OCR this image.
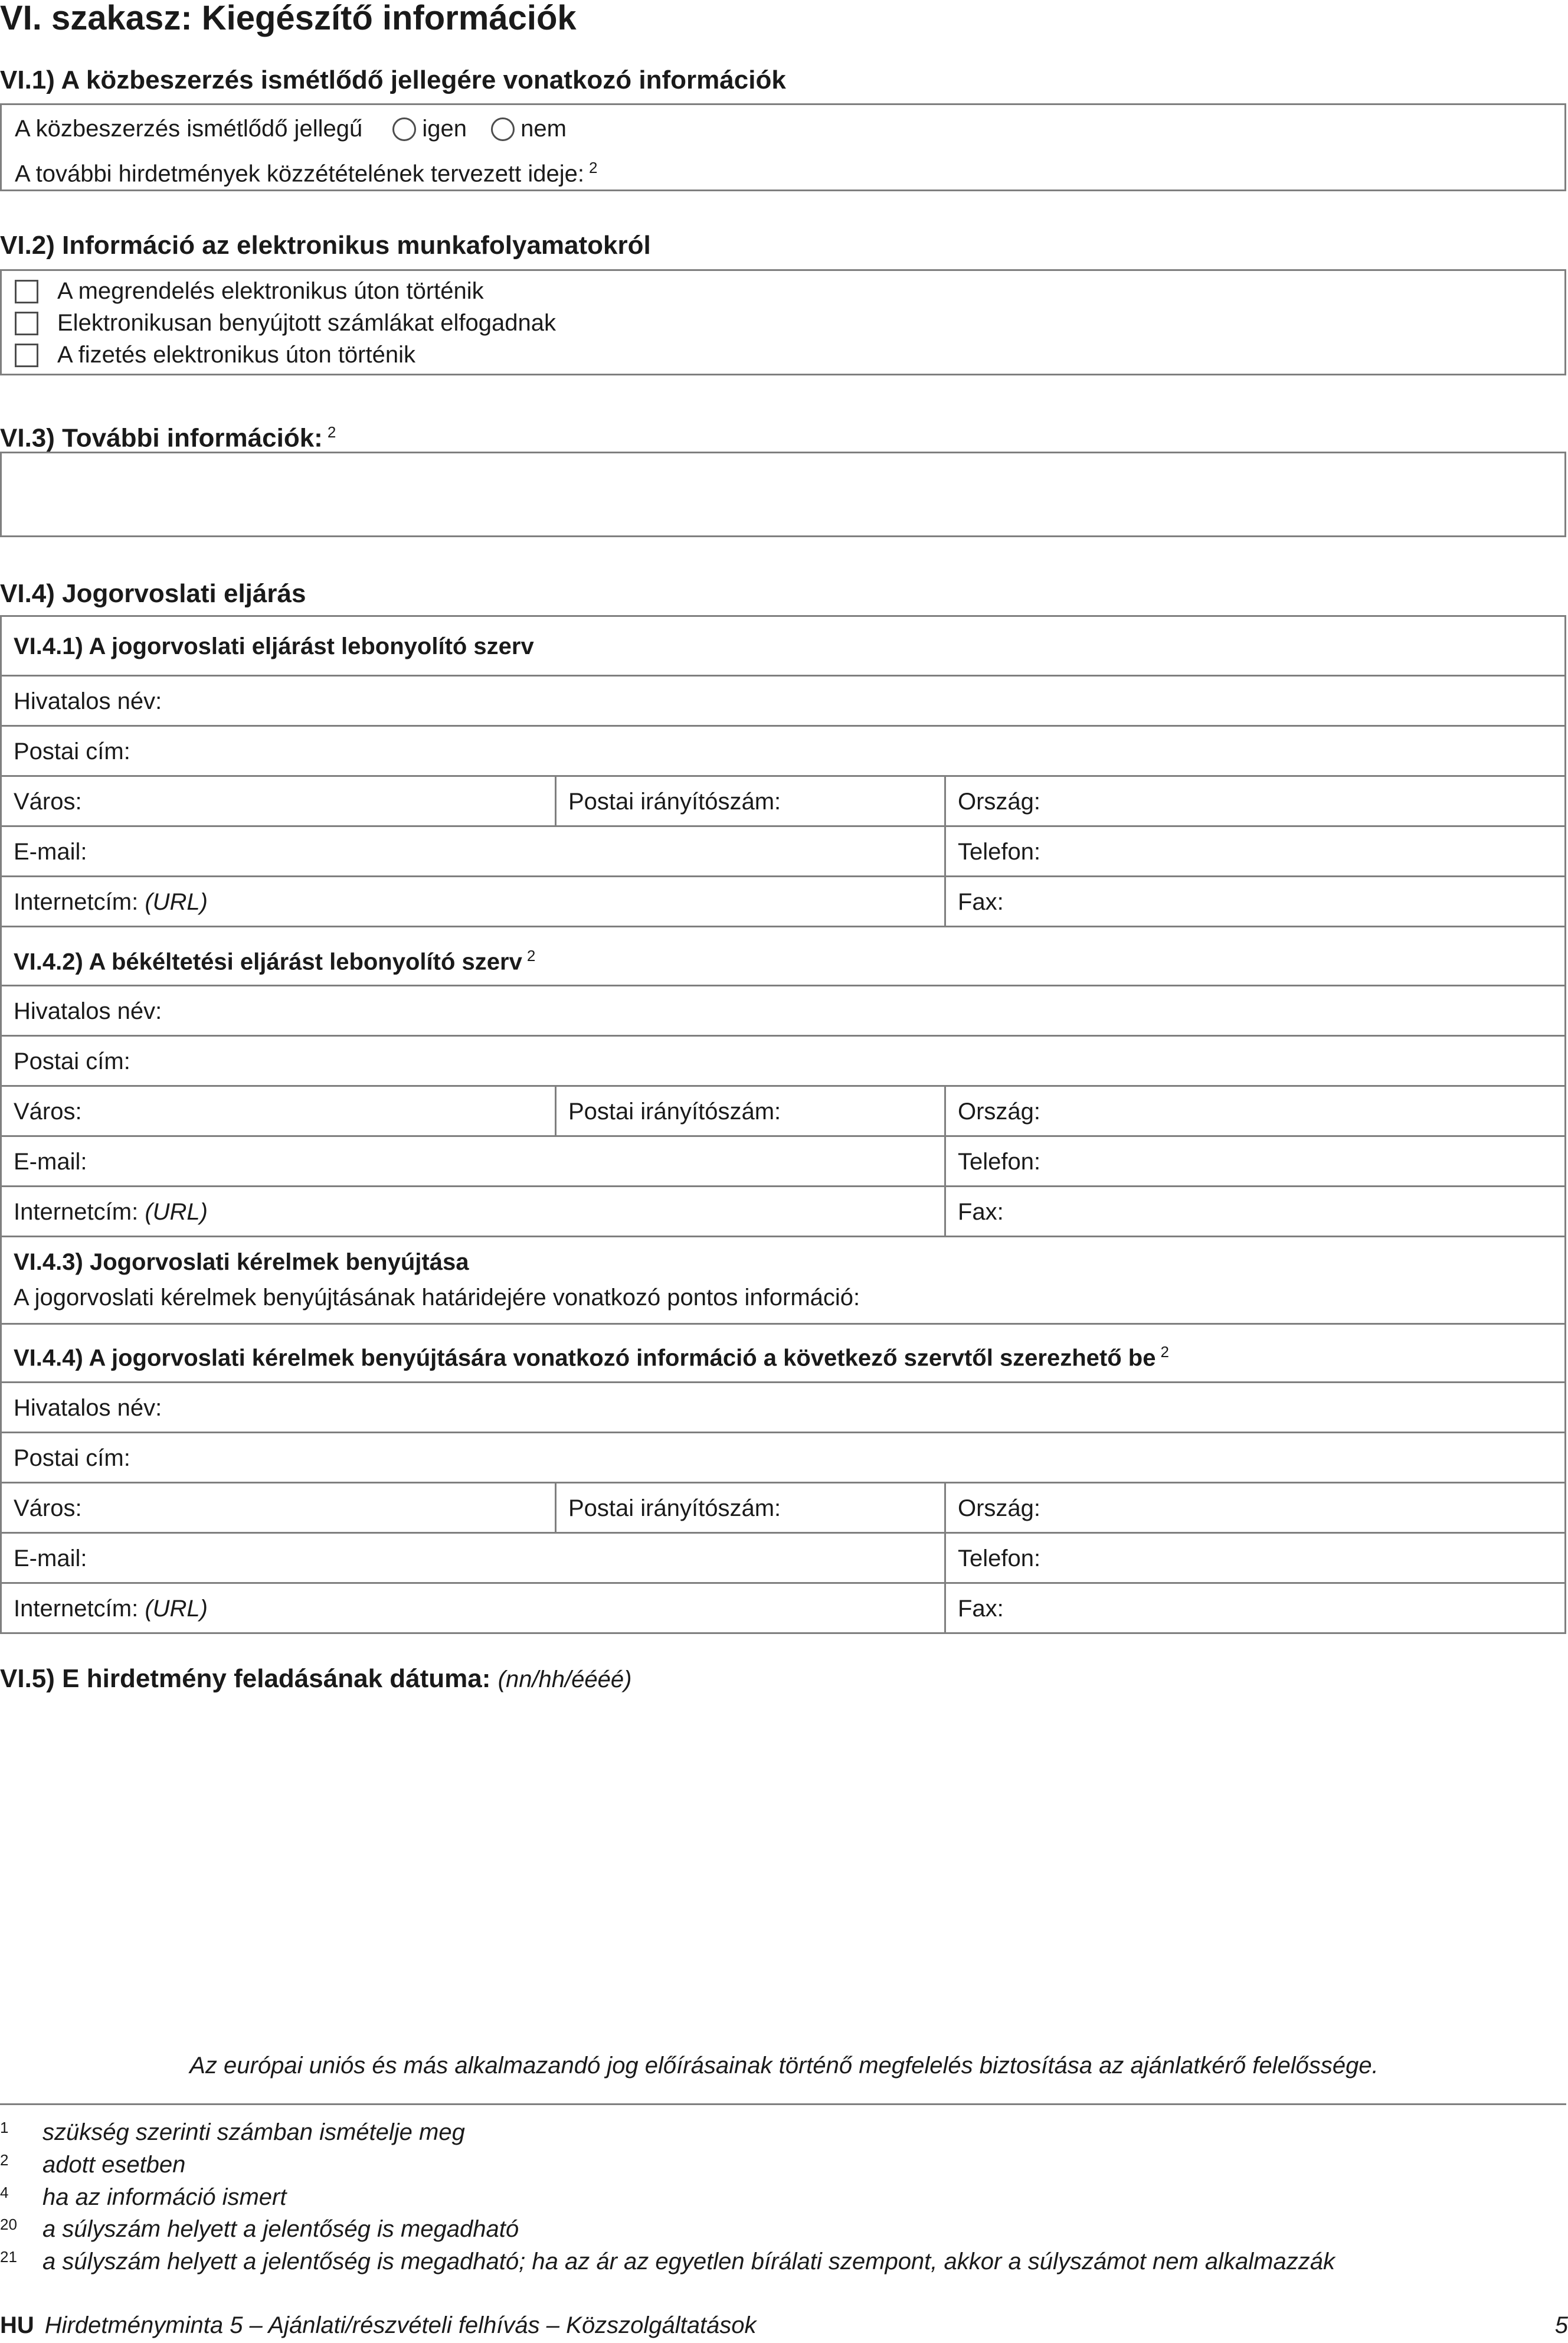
VI. szakasz: Kiegészítő információk
VI.1) A közbeszerzés ismétlődő jellegére vonatkozó információk
A közbeszerzés ismétlődő jellegű	igen nem
A további hirdetmények közzétételének tervezett ideje: $^2$
VI.2) Információ az elektronikus munkafolyamatokról
A megrendelés elektronikus úton történik
Elektronikusan benyújtott számlákat elfogadnak
A fizetés elektronikus úton történik
VI.3) További információk: $^2$
VI.4) Jogorvoslati eljárás
VI.4.1) A jogorvoslati eljárást lebonyolító szerv
Hivatalos név:
Postai cím:
Város:	Postai irányítószám:	Ország:
E-mail:	Telefon:
Internetcím: (URL)	Fax:
VI.4.2) A békéltetési eljárást lebonyolító szerv $^2$
Hivatalos név:
Postai cím:
Város:	Postai irányítószám:	Ország:
E-mail:	Telefon:
Internetcím: (URL)	Fax:
VI.4.3) Jogorvoslati kérelmek benyújtása
A jogorvoslati kérelmek benyújtásának határidejére vonatkozó pontos információ:
VI.4.4) A jogorvoslati kérelmek benyújtására vonatkozó információ a következő szervtől szerezhető be $^2$
Hivatalos név:
Postai cím:
Város:	Postai irányítószám:	Ország:
E-mail:	Telefon:
Internetcím: (URL)	Fax:
VI.5) E hirdetmény feladásának dátuma: (nn/hh/éééé)
Az európai uniós és más alkalmazandó jog előírásainak történő megfelelés biztosítása az ajánlatkérő felelőssége.
1 szükség szerinti számban ismételje meg
2 adott esetben
4 ha az információ ismert
20 a súlyszám helyett a jelentőség is megadható
21 a súlyszám helyett a jelentőség is megadható; ha az ár az egyetlen bírálati szempont, akkor a súlyszámot nem alkalmazzák
HU Hirdetményminta 5 – Ajánlati/részvételi felhívás – Közszolgáltatások	5
